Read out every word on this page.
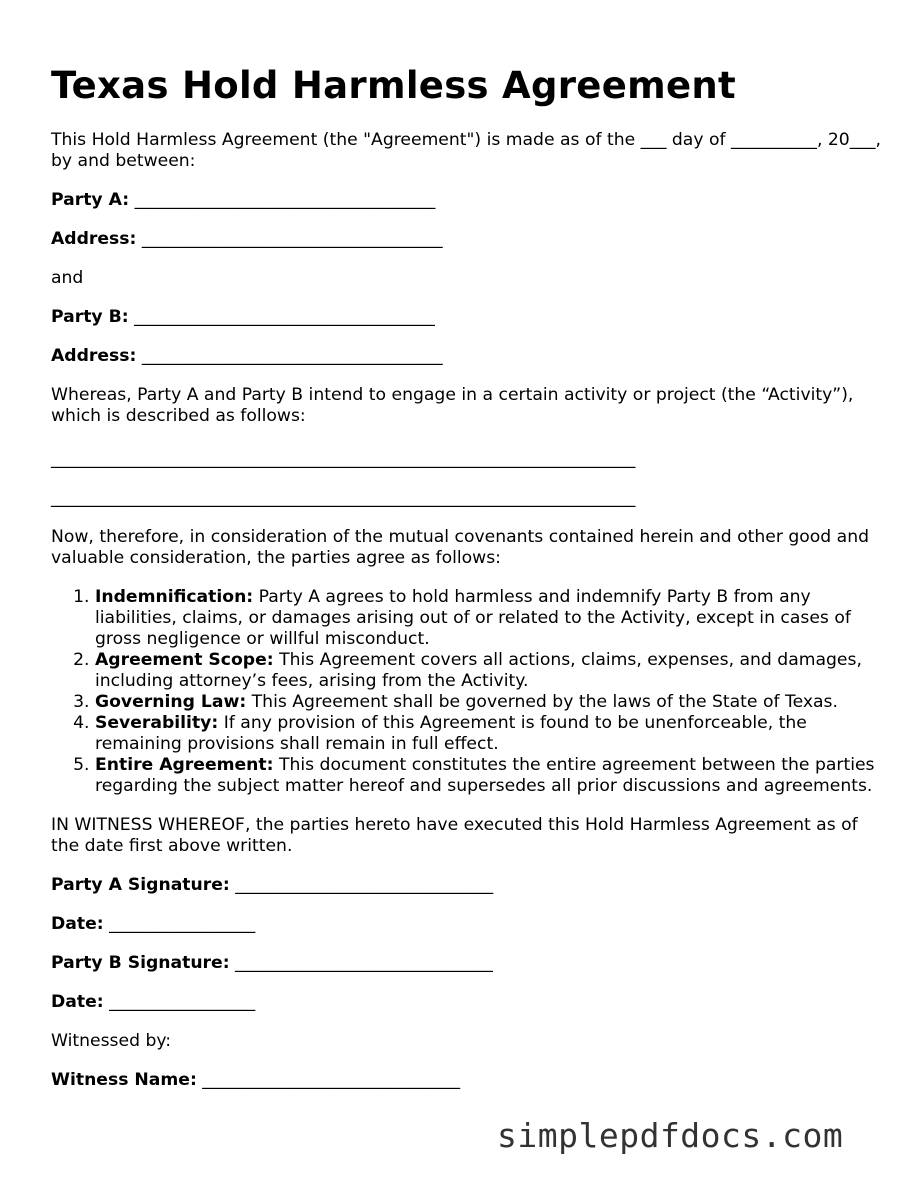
Texas Hold Harmless Agreement

This Hold Harmless Agreement (the "Agreement") is made as of the ___ day of __________, 20___, by and between:

Party A: ___________________________________

Address: ___________________________________

and

Party B: ___________________________________

Address: ___________________________________

Whereas, Party A and Party B intend to engage in a certain activity or project (the “Activity”), which is described as follows:

____________________________________________________________________

____________________________________________________________________

Now, therefore, in consideration of the mutual covenants contained herein and other good and valuable consideration, the parties agree as follows:

1. Indemnification: Party A agrees to hold harmless and indemnify Party B from any liabilities, claims, or damages arising out of or related to the Activity, except in cases of gross negligence or willful misconduct.
2. Agreement Scope: This Agreement covers all actions, claims, expenses, and damages, including attorney’s fees, arising from the Activity.
3. Governing Law: This Agreement shall be governed by the laws of the State of Texas.
4. Severability: If any provision of this Agreement is found to be unenforceable, the remaining provisions shall remain in full effect.
5. Entire Agreement: This document constitutes the entire agreement between the parties regarding the subject matter hereof and supersedes all prior discussions and agreements.

IN WITNESS WHEREOF, the parties hereto have executed this Hold Harmless Agreement as of the date first above written.

Party A Signature: ______________________________

Date: _________________

Party B Signature: ______________________________

Date: _________________

Witnessed by:

Witness Name: ______________________________

simplepdfdocs.com
